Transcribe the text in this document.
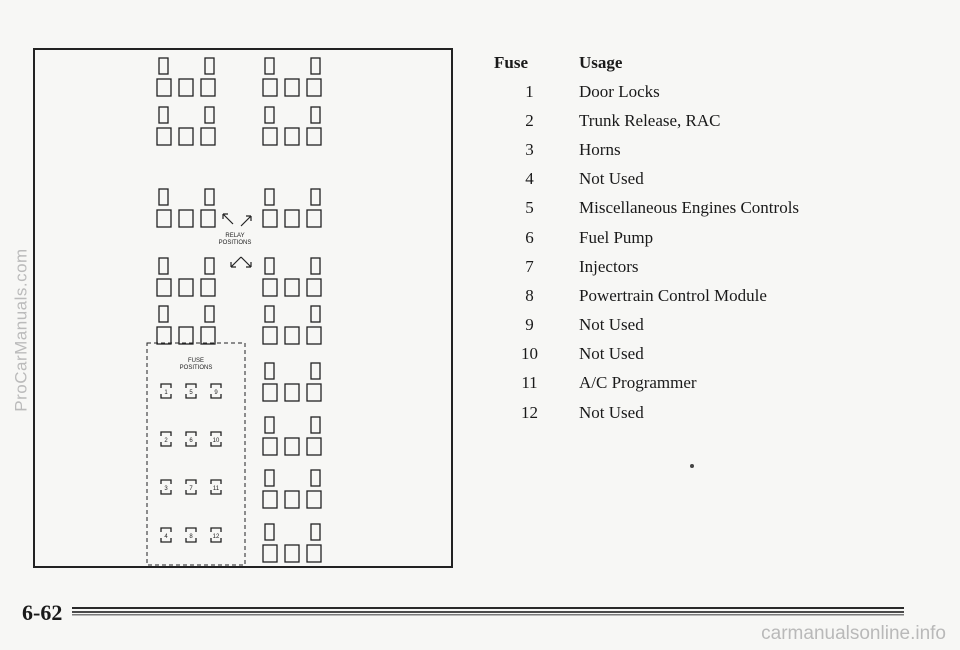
RELAY
POSITIONS
FUSE
POSITIONS
1	5	9
2	6	10
3	7	11
4	8	12
Fuse	Usage
1	Door Locks
2	Trunk Release, RAC
3	Horns
4	Not Used
5	Miscellaneous Engines Controls
6	Fuel Pump
7	Injectors
8	Powertrain Control Module
9	Not Used
10	Not Used
11	A/C Programmer
12	Not Used
6-62
ProCarManuals.com
carmanualsonline.info
